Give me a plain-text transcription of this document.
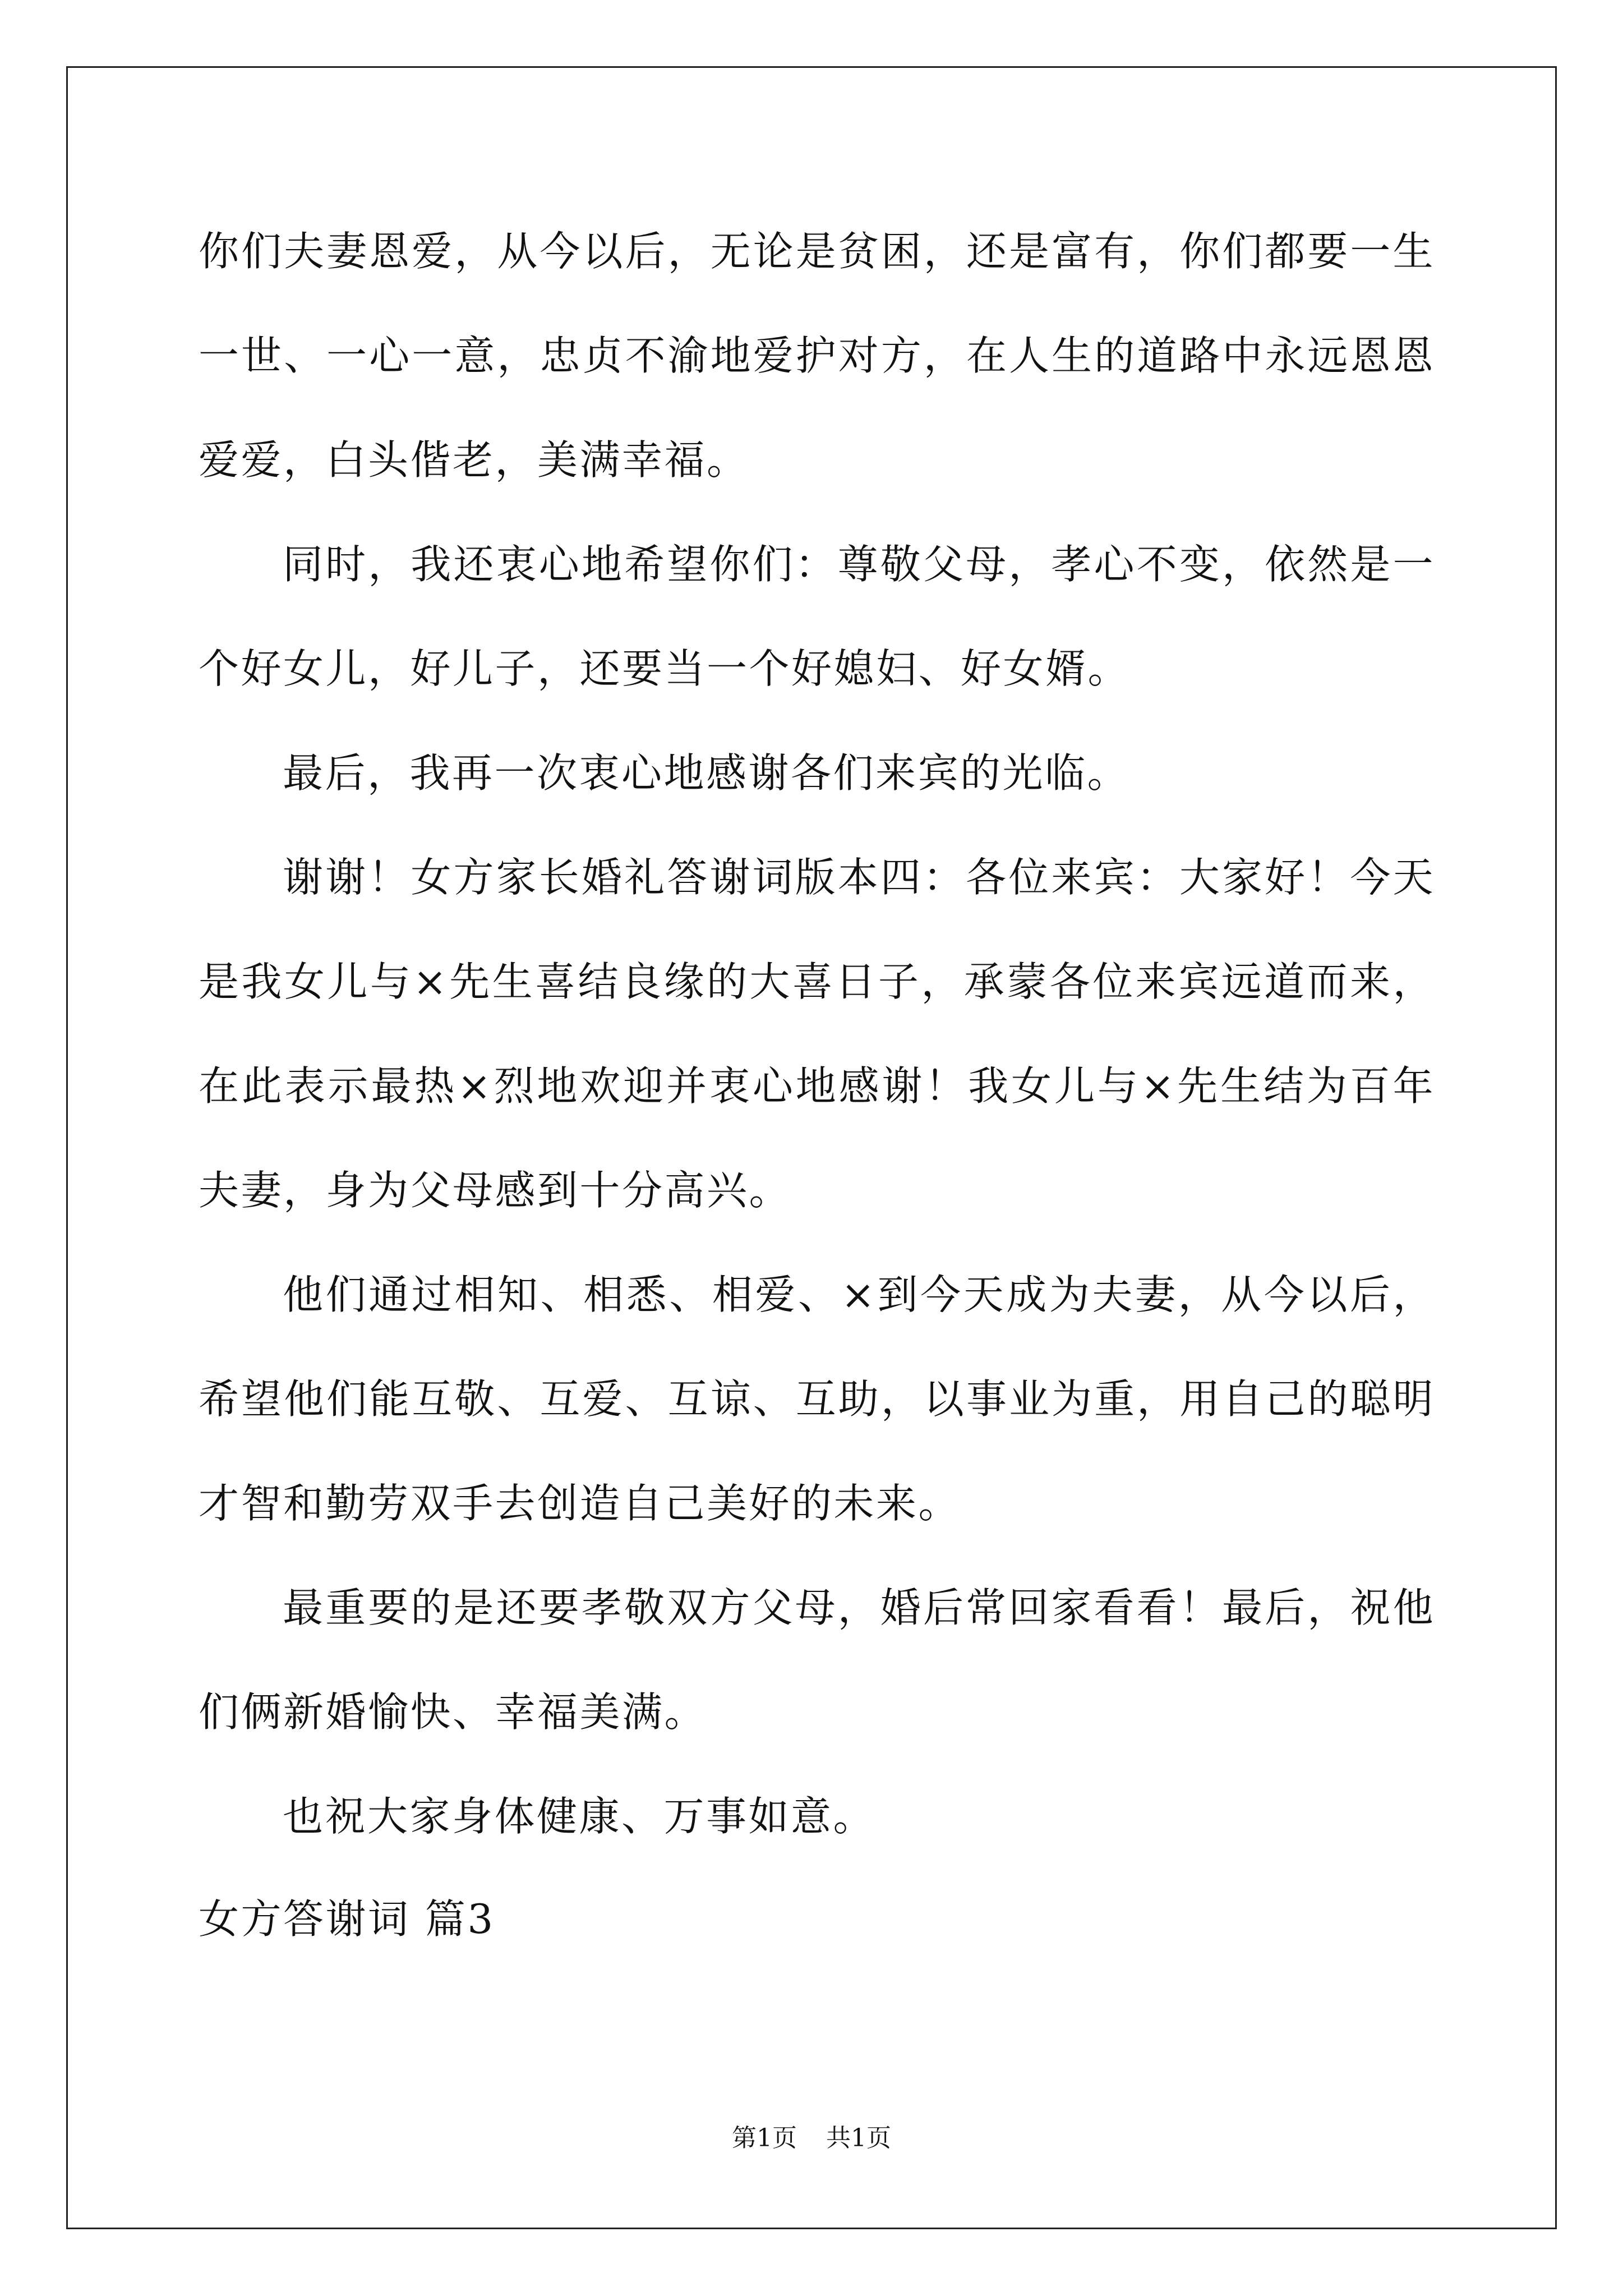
你们夫妻恩爱，从今以后，无论是贫困，还是富有，你们都要一生一世、一心一意，忠贞不渝地爱护对方，在人生的道路中永远恩恩爱爱，白头偕老，美满幸福。

同时，我还衷心地希望你们：尊敬父母，孝心不变，依然是一个好女儿，好儿子，还要当一个好媳妇、好女婿。

最后，我再一次衷心地感谢各们来宾的光临。

谢谢！女方家长婚礼答谢词版本四：各位来宾：大家好！今天是我女儿与×先生喜结良缘的大喜日子，承蒙各位来宾远道而来，在此表示最热×烈地欢迎并衷心地感谢！我女儿与×先生结为百年夫妻，身为父母感到十分高兴。

他们通过相知、相悉、相爱、×到今天成为夫妻，从今以后，希望他们能互敬、互爱、互谅、互助，以事业为重，用自己的聪明才智和勤劳双手去创造自己美好的未来。

最重要的是还要孝敬双方父母，婚后常回家看看！最后，祝他们俩新婚愉快、幸福美满。

也祝大家身体健康、万事如意。

女方答谢词 篇3

第1页 共1页
